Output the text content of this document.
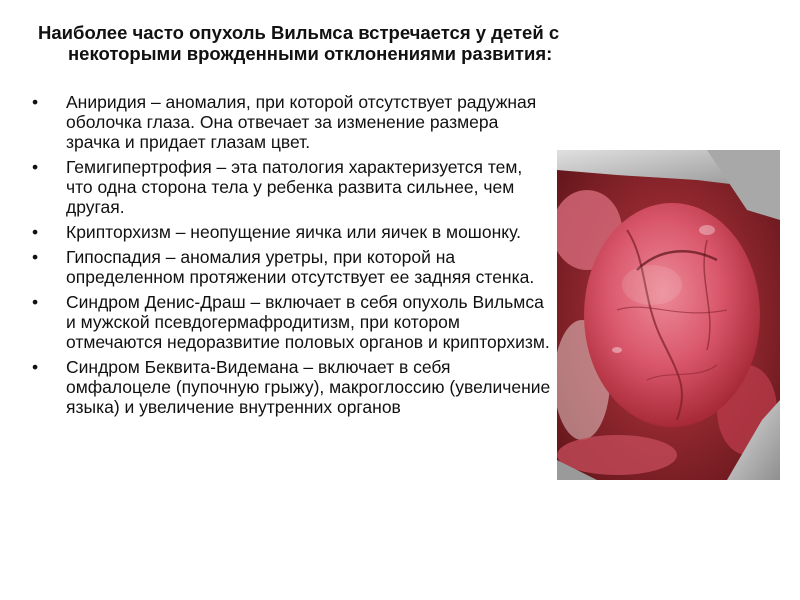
Наиболее часто опухоль Вильмса встречается у детей с некоторыми врожденными отклонениями развития:

• Аниридия – аномалия, при которой отсутствует радужная оболочка глаза. Она отвечает за изменение размера зрачка и придает глазам цвет.
• Гемигипертрофия – эта патология характеризуется тем, что одна сторона тела у ребенка развита сильнее, чем другая.
• Крипторхизм – неопущение яичка или яичек в мошонку.
• Гипоспадия – аномалия уретры, при которой на определенном протяжении отсутствует ее задняя стенка.
• Синдром Денис-Драш – включает в себя опухоль Вильмса и мужской псевдогермафродитизм, при котором отмечаются недоразвитие половых органов и крипторхизм.
• Синдром Беквита-Видемана – включает в себя омфалоцеле (пупочную грыжу), макроглоссию (увеличение языка) и увеличение внутренних органов
